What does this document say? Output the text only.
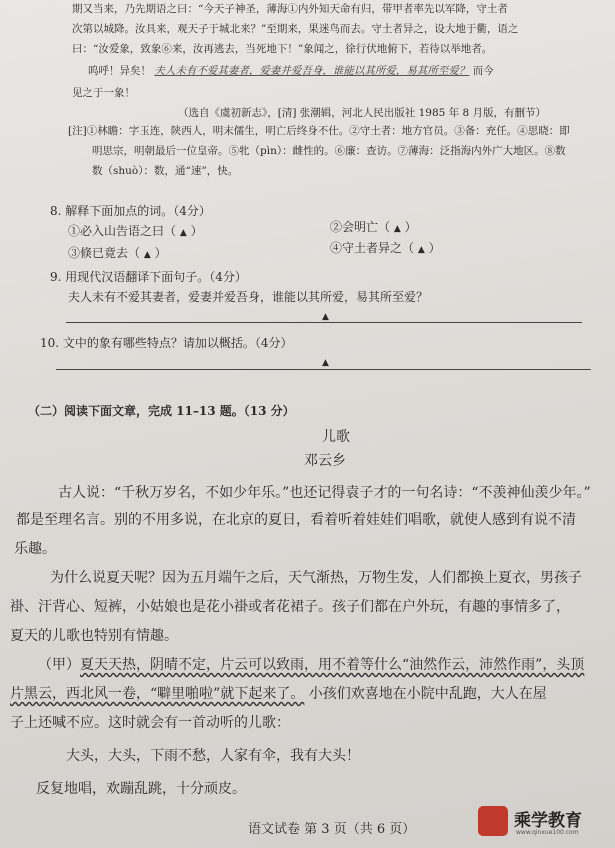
期又当来，乃先期语之曰：“今天子神圣，薄海①内外知天命有归，带甲者率先以军降，守土者
次第以城降。汝具来，观天子于城北来？”至期来，果迷鸟而去。守土者异之，设大地于衢，语之
曰：“汝爱象，致象⑥来，汝再逃去，当死地下！”象闻之，徐行伏地俯下，若待以举地者。
呜呼！异矣！ 夫人未有不爱其妻者，爱妻并爱吾身，谁能以其所爱，易其所至爱？ 而今
见之于一象！
（选自《虞初新志》，[清] 张潮辑，河北人民出版社 1985 年 8 月版，有删节）
[注]①林瞻：字玉连，陕西人，明末儒生，明亡后终身不仕。②守土者：地方官员。③备：充任。④思晓：即
明思宗，明朝最后一位皇帝。⑤牝（pìn）：雌性的。⑥廉：查访。⑦薄海：泛指海内外广大地区。⑧数
数（shuò）：数，通“速”，快。
8. 解释下面加点的词。（4分）
①必入山告语之曰（ ▲ ）	②会明亡（ ▲ ）
③倏已竟去（ ▲ ）	④守土者异之（ ▲ ）
9. 用现代汉语翻译下面句子。（4分）
夫人未有不爱其妻者，爱妻并爱吾身，谁能以其所爱，易其所至爱？
▲
10. 文中的象有哪些特点？请加以概括。（4分）
▲
（二）阅读下面文章，完成 11–13 题。（13 分）
儿歌
邓云乡
古人说：“千秋万岁名，不如少年乐。”也还记得袁子才的一句名诗：“不羡神仙羡少年。”
都是至理名言。别的不用多说，在北京的夏日，看着听着娃娃们唱歌，就使人感到有说不清
乐趣。
为什么说夏天呢？因为五月端午之后，天气渐热，万物生发，人们都换上夏衣，男孩子
褂、汗背心、短裤，小姑娘也是花小褂或者花裙子。孩子们都在户外玩，有趣的事情多了，
夏天的儿歌也特别有情趣。
（甲）夏天天热，阴晴不定，片云可以致雨，用不着等什么“油然作云，沛然作雨”，头顶
片黑云，西北风一卷，“噼里啪啦”就下起来了。 小孩们欢喜地在小院中乱跑，大人在屋
子上还喊不应。这时就会有一首动听的儿歌：
大头，大头，下雨不愁，人家有伞，我有大头！
反复地唱，欢蹦乱跳，十分顽皮。
语文试卷 第 3 页（共 6 页）	乘学教育
www.qinxue100.com
